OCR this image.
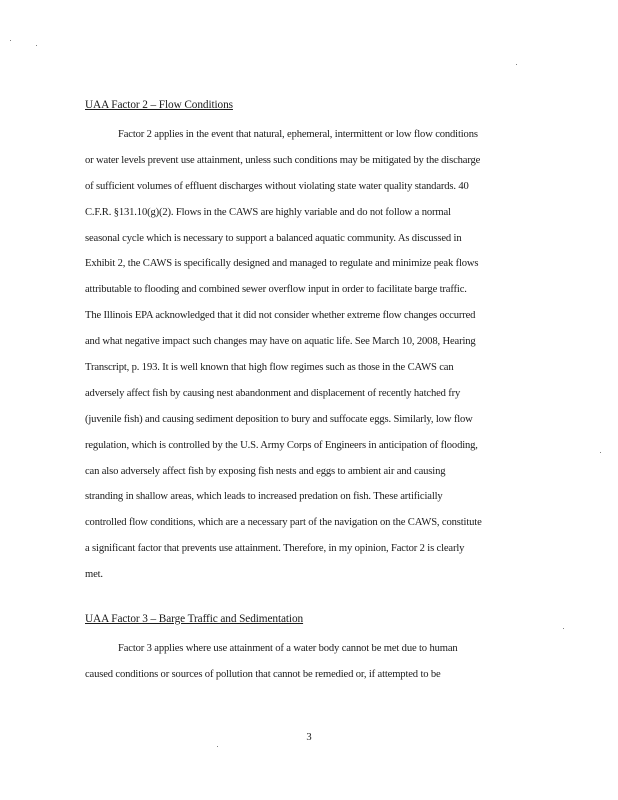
UAA Factor 2 – Flow Conditions
Factor 2 applies in the event that natural, ephemeral, intermittent or low flow conditions
or water levels prevent use attainment, unless such conditions may be mitigated by the discharge
of sufficient volumes of effluent discharges without violating state water quality standards. 40
C.F.R. §131.10(g)(2). Flows in the CAWS are highly variable and do not follow a normal
seasonal cycle which is necessary to support a balanced aquatic community. As discussed in
Exhibit 2, the CAWS is specifically designed and managed to regulate and minimize peak flows
attributable to flooding and combined sewer overflow input in order to facilitate barge traffic.
The Illinois EPA acknowledged that it did not consider whether extreme flow changes occurred
and what negative impact such changes may have on aquatic life. See March 10, 2008, Hearing
Transcript, p. 193. It is well known that high flow regimes such as those in the CAWS can
adversely affect fish by causing nest abandonment and displacement of recently hatched fry
(juvenile fish) and causing sediment deposition to bury and suffocate eggs. Similarly, low flow
regulation, which is controlled by the U.S. Army Corps of Engineers in anticipation of flooding,
can also adversely affect fish by exposing fish nests and eggs to ambient air and causing
stranding in shallow areas, which leads to increased predation on fish. These artificially
controlled flow conditions, which are a necessary part of the navigation on the CAWS, constitute
a significant factor that prevents use attainment. Therefore, in my opinion, Factor 2 is clearly
met.
UAA Factor 3 – Barge Traffic and Sedimentation
Factor 3 applies where use attainment of a water body cannot be met due to human
caused conditions or sources of pollution that cannot be remedied or, if attempted to be
3
